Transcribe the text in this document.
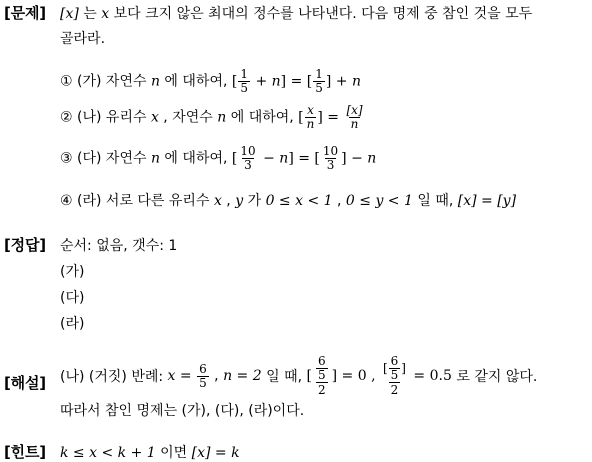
[문제] [x] 는 x 보다 크지 않은 최대의 정수를 나타낸다. 다음 명제 중 참인 것을 모두
골라라.
① (가) 자연수 n 에 대하여, [ $\frac{1}{5} + n$] = [ $\frac{1}{5}$ ] + n
② (나) 유리수 x , 자연수 n 에 대하여, [ $\frac{x}{n}$ ] = $\frac{[x]}{n}$
③ (다) 자연수 n 에 대하여, [ $\frac{10}{3} - n$] = [ $\frac{10}{3}$ ] − n
④ (라) 서로 다른 유리수 x , y 가 0 ≤ x < 1 , 0 ≤ y < 1 일 때, [x] = [y]
[정답] 순서: 없음, 갯수: 1
(가)
(다)
(라)
[해설] (나) (거짓) 반례: $x = \frac{6}{5}$ , n = 2 일 때, [ $\frac{\frac{6}{5}}{2}$ ] = 0 , $\frac{[ \frac{6}{5} ]}{2} = 0.5$ 로 같지 않다.
따라서 참인 명제는 (가), (다), (라)이다.
[힌트] k ≤ x < k + 1 이면 [x] = k
